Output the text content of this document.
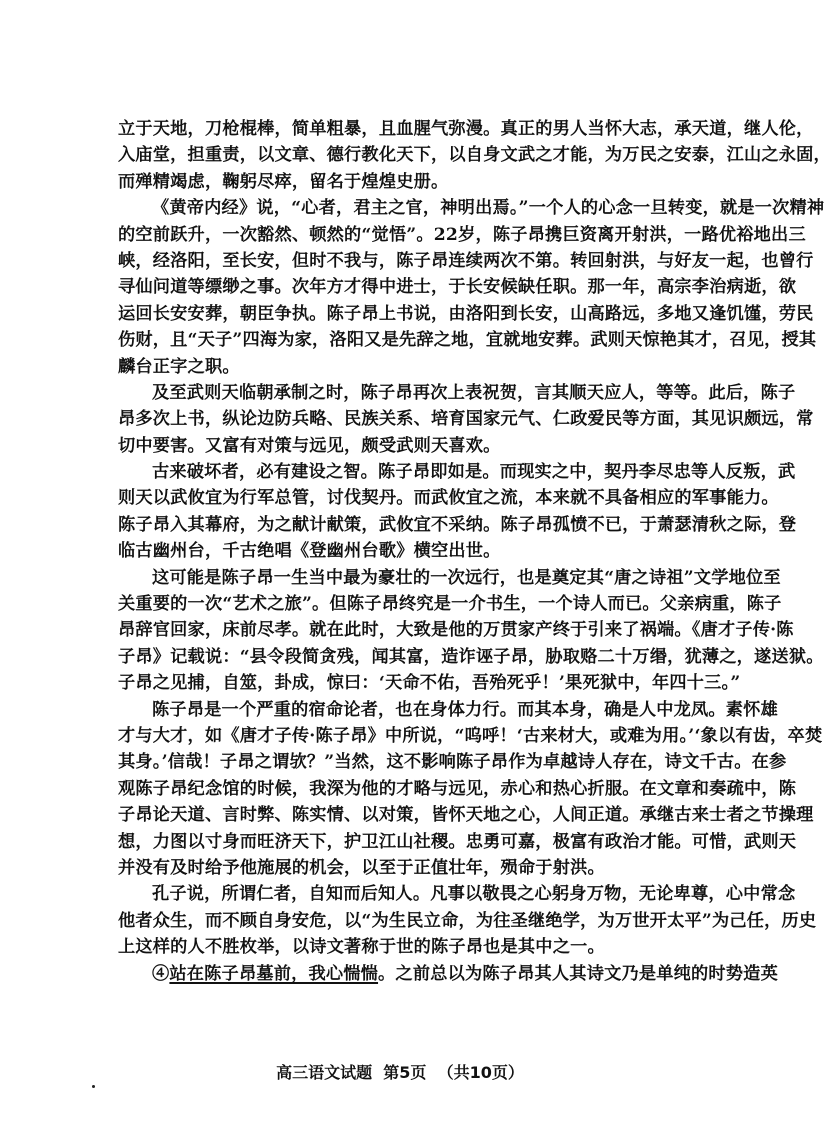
立于天地，刀枪棍棒，简单粗暴，且血腥气弥漫。真正的男人当怀大志，承天道，继人伦，
入庙堂，担重责，以文章、德行教化天下，以自身文武之才能，为万民之安泰，江山之永固，
而殚精竭虑，鞠躬尽瘁，留名于煌煌史册。
《黄帝内经》说，“心者，君主之官，神明出焉。”一个人的心念一旦转变，就是一次精神
的空前跃升，一次豁然、顿然的“觉悟”。22岁，陈子昂携巨资离开射洪，一路优裕地出三
峡，经洛阳，至长安，但时不我与，陈子昂连续两次不第。转回射洪，与好友一起，也曾行
寻仙问道等缥缈之事。次年方才得中进士，于长安候缺任职。那一年，高宗李治病逝，欲
运回长安安葬，朝臣争执。陈子昂上书说，由洛阳到长安，山高路远，多地又逢饥馑，劳民
伤财，且“天子”四海为家，洛阳又是先辞之地，宜就地安葬。武则天惊艳其才，召见，授其
麟台正字之职。
及至武则天临朝承制之时，陈子昂再次上表祝贺，言其顺天应人，等等。此后，陈子
昂多次上书，纵论边防兵略、民族关系、培育国家元气、仁政爱民等方面，其见识颇远，常
切中要害。又富有对策与远见，颇受武则天喜欢。
古来破坏者，必有建设之智。陈子昂即如是。而现实之中，契丹李尽忠等人反叛，武
则天以武攸宜为行军总管，讨伐契丹。而武攸宜之流，本来就不具备相应的军事能力。
陈子昂入其幕府，为之献计献策，武攸宜不采纳。陈子昂孤愤不已，于萧瑟清秋之际，登
临古幽州台，千古绝唱《登幽州台歌》横空出世。
这可能是陈子昂一生当中最为豪壮的一次远行，也是奠定其“唐之诗祖”文学地位至
关重要的一次“艺术之旅”。但陈子昂终究是一介书生，一个诗人而已。父亲病重，陈子
昂辞官回家，床前尽孝。就在此时，大致是他的万贯家产终于引来了祸端。《唐才子传·陈
子昂》记载说：“县令段简贪残，闻其富，造诈诬子昂，胁取赂二十万缗，犹薄之，遂送狱。
子昂之见捕，自筮，卦成，惊曰：‘天命不佑，吾殆死乎！’果死狱中，年四十三。”
陈子昂是一个严重的宿命论者，也在身体力行。而其本身，确是人中龙凤。素怀雄
才与大才，如《唐才子传·陈子昂》中所说，“呜呼！‘古来材大，或难为用。’‘象以有齿，卒焚
其身。’信哉！子昂之谓欤？”当然，这不影响陈子昂作为卓越诗人存在，诗文千古。在参
观陈子昂纪念馆的时候，我深为他的才略与远见，赤心和热心折服。在文章和奏疏中，陈
子昂论天道、言时弊、陈实情、以对策，皆怀天地之心，人间正道。承继古来士者之节操理
想，力图以寸身而旺济天下，护卫江山社稷。忠勇可嘉，极富有政治才能。可惜，武则天
并没有及时给予他施展的机会，以至于正值壮年，殒命于射洪。
孔子说，所谓仁者，自知而后知人。凡事以敬畏之心躬身万物，无论卑尊，心中常念
他者众生，而不顾自身安危，以“为生民立命，为往圣继绝学，为万世开太平”为己任，历史
上这样的人不胜枚举，以诗文著称于世的陈子昂也是其中之一。
④站在陈子昂墓前，我心惴惴。之前总以为陈子昂其人其诗文乃是单纯的时势造英
高三语文试题  第5页  （共10页）
